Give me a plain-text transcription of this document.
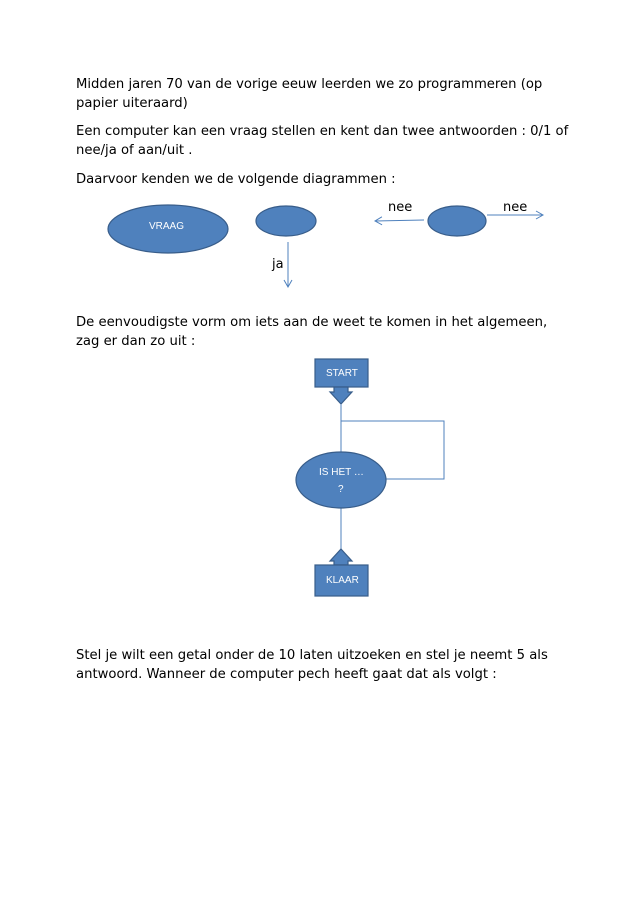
Midden jaren 70 van de vorige eeuw leerden we zo programmeren (op
papier uiteraard)

Een computer kan een vraag stellen en kent dan twee antwoorden : 0/1 of
nee/ja of aan/uit .

Daarvoor kenden we de volgende diagrammen :

De eenvoudigste vorm om iets aan de weet te komen in het algemeen,
zag er dan zo uit :

Stel je wilt een getal onder de 10 laten uitzoeken en stel je neemt 5 als
antwoord. Wanneer de computer pech heeft gaat dat als volgt :

VRAAG
ja
nee	nee
START
IS HET …
?
KLAAR
